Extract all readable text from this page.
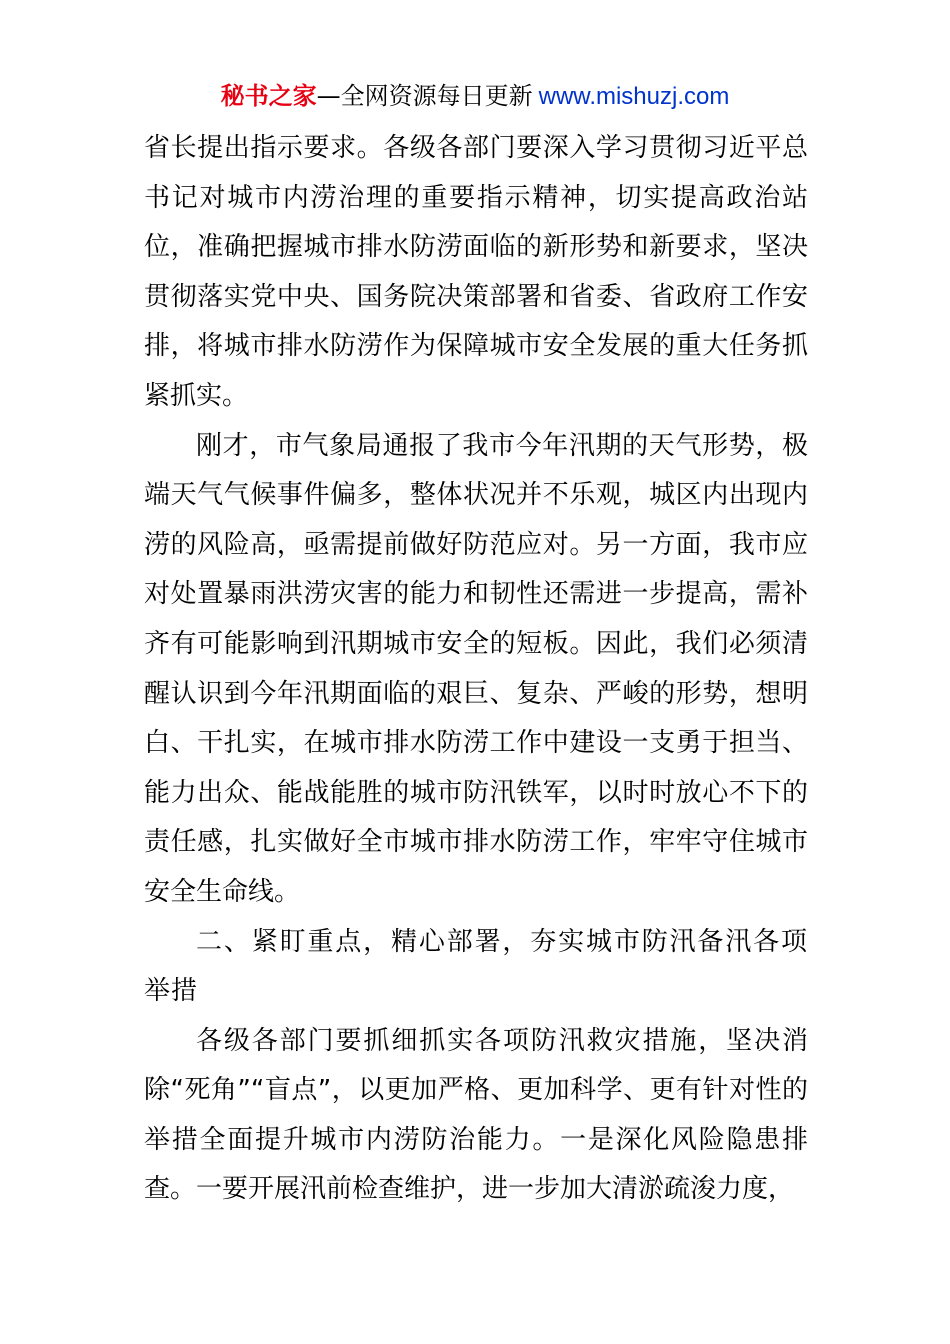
秘书之家—全网资源每日更新 www.mishuzj.com

省长提出指示要求。各级各部门要深入学习贯彻习近平总书记对城市内涝治理的重要指示精神，切实提高政治站位，准确把握城市排水防涝面临的新形势和新要求，坚决贯彻落实党中央、国务院决策部署和省委、省政府工作安排，将城市排水防涝作为保障城市安全发展的重大任务抓紧抓实。

刚才，市气象局通报了我市今年汛期的天气形势，极端天气气候事件偏多，整体状况并不乐观，城区内出现内涝的风险高，亟需提前做好防范应对。另一方面，我市应对处置暴雨洪涝灾害的能力和韧性还需进一步提高，需补齐有可能影响到汛期城市安全的短板。因此，我们必须清醒认识到今年汛期面临的艰巨、复杂、严峻的形势，想明白、干扎实，在城市排水防涝工作中建设一支勇于担当、能力出众、能战能胜的城市防汛铁军，以时时放心不下的责任感，扎实做好全市城市排水防涝工作，牢牢守住城市安全生命线。

二、紧盯重点，精心部署，夯实城市防汛备汛各项举措

各级各部门要抓细抓实各项防汛救灾措施，坚决消除“死角”“盲点”，以更加严格、更加科学、更有针对性的举措全面提升城市内涝防治能力。一是深化风险隐患排查。一要开展汛前检查维护，进一步加大清淤疏浚力度，
